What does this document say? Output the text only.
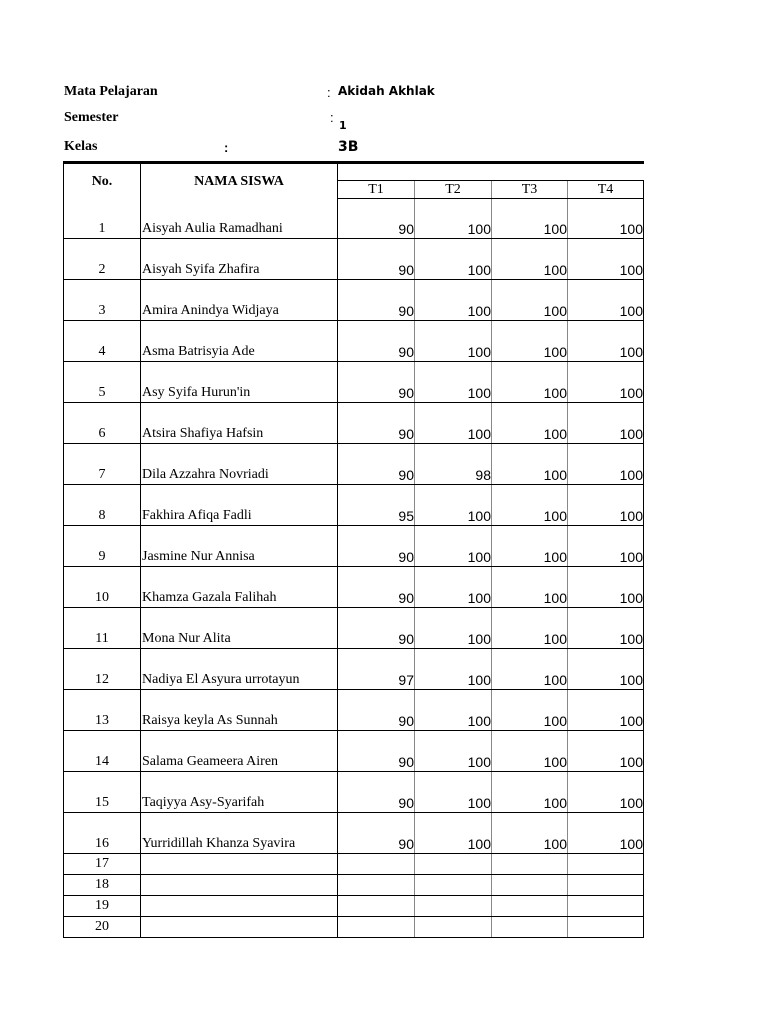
Mata Pelajaran	: Akidah Akhlak
Semester	:
1
Kelas	:	3B
No.	NAMA SISWA				
		T1	T2	T3	T4

1	Aisyah Aulia Ramadhani	90	100	100	100
2	Aisyah Syifa Zhafira	90	100	100	100
3	Amira Anindya Widjaya	90	100	100	100
4	Asma Batrisyia Ade	90	100	100	100
5	Asy Syifa Hurun'in	90	100	100	100
6	Atsira Shafiya Hafsin	90	100	100	100
7	Dila Azzahra Novriadi	90	98	100	100
8	Fakhira Afiqa Fadli	95	100	100	100
9	Jasmine Nur Annisa	90	100	100	100
10	Khamza Gazala Falihah	90	100	100	100
11	Mona Nur Alita	90	100	100	100
12	Nadiya El Asyura urrotayun	97	100	100	100
13	Raisya keyla As Sunnah	90	100	100	100
14	Salama Geameera Airen	90	100	100	100
15	Taqiyya Asy-Syarifah	90	100	100	100
16	Yurridillah Khanza Syavira	90	100	100	100
17					
18					
19					
20					
